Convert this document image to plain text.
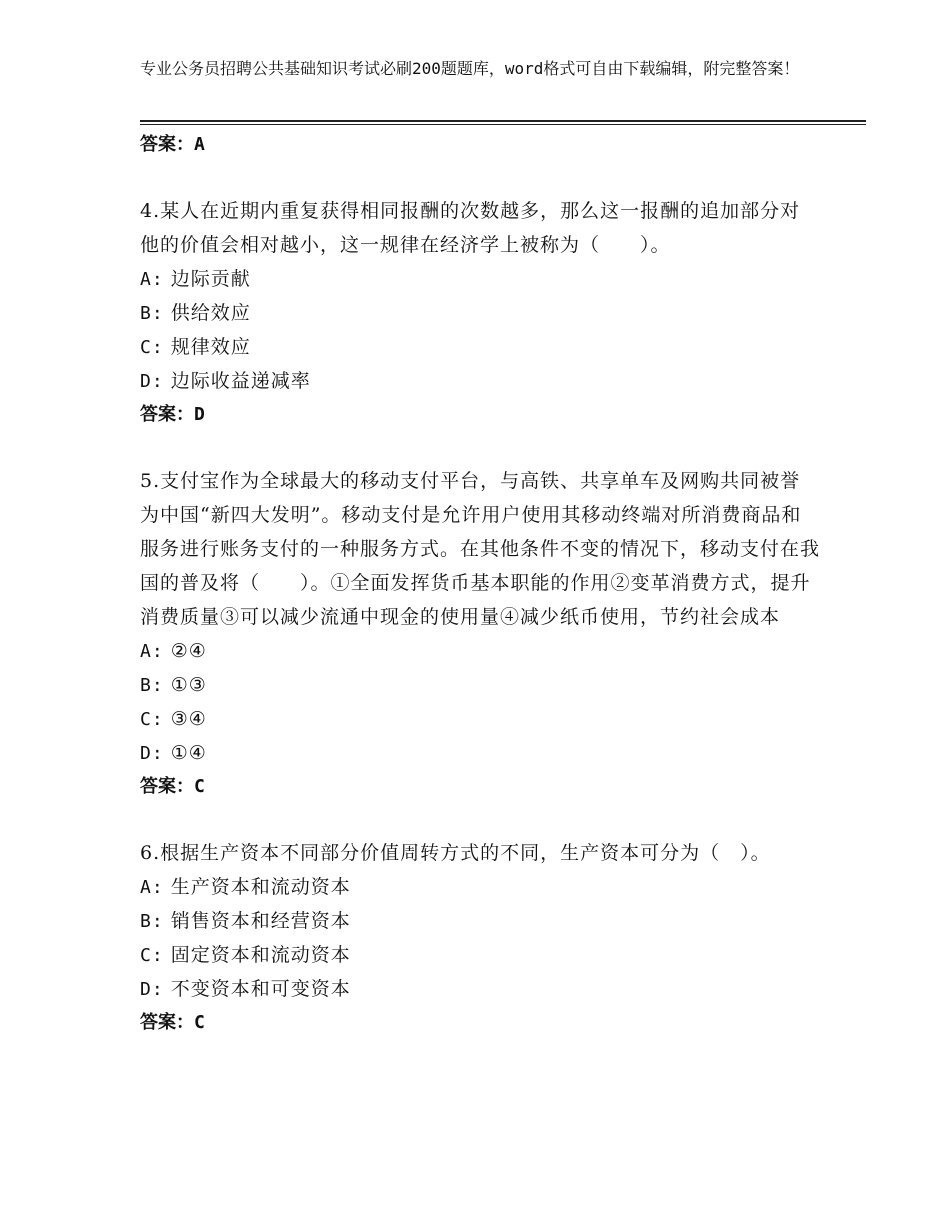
专业公务员招聘公共基础知识考试必刷200题题库，word格式可自由下载编辑，附完整答案！
答案：A
4.某人在近期内重复获得相同报酬的次数越多，那么这一报酬的追加部分对他的价值会相对越小，这一规律在经济学上被称为（　　）。
A: 边际贡献
B: 供给效应
C: 规律效应
D: 边际收益递减率
答案：D
5.支付宝作为全球最大的移动支付平台，与高铁、共享单车及网购共同被誉为中国“新四大发明”。移动支付是允许用户使用其移动终端对所消费商品和服务进行账务支付的一种服务方式。在其他条件不变的情况下，移动支付在我国的普及将（　　）。①全面发挥货币基本职能的作用②变革消费方式，提升消费质量③可以减少流通中现金的使用量④减少纸币使用，节约社会成本
A: ②④
B: ①③
C: ③④
D: ①④
答案：C
6.根据生产资本不同部分价值周转方式的不同，生产资本可分为（　）。
A: 生产资本和流动资本
B: 销售资本和经营资本
C: 固定资本和流动资本
D: 不变资本和可变资本
答案：C
